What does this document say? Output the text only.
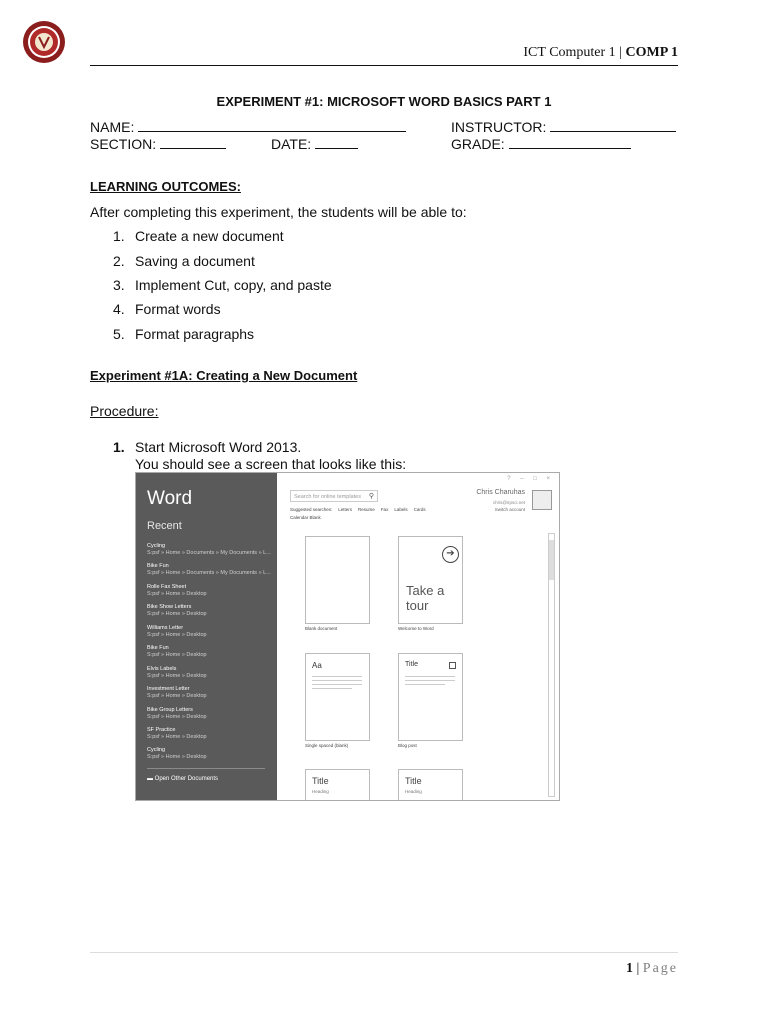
ICT Computer 1 | COMP 1
EXPERIMENT #1: MICROSOFT WORD BASICS PART 1
NAME:	INSTRUCTOR:
SECTION:	DATE:	GRADE:
LEARNING OUTCOMES:
After completing this experiment, the students will be able to:
1. Create a new document
2. Saving a document
3. Implement Cut, copy, and paste
4. Format words
5. Format paragraphs
Experiment #1A: Creating a New Document
Procedure:
1. Start Microsoft Word 2013.
You should see a screen that looks like this:
Word
Recent
Cycling
S:psf » Home » Documents » My Documents » L...
Bike Fun
S:psf » Home » Documents » My Documents » L...
Rolle Fax Sheet
S:psf » Home » Desktop
Bike Show Letters
S:psf » Home » Desktop
Williams Letter
S:psf » Home » Desktop
Bike Fun
S:psf » Home » Desktop
Elvis Labels
S:psf » Home » Desktop
Investment Letter
S:psf » Home » Desktop
Bike Group Letters
S:psf » Home » Desktop
SF Practice
S:psf » Home » Desktop
Cycling
S:psf » Home » Desktop
▬ Open Other Documents
? – □ ×
Search for online templates ⚲
Suggested searches: Letters Resume Fax Labels Cards
Calendar Blank
Chris Charuhas
chris@irpsci.net
Switch account
Blank document
➔
Take a tour
Welcome to Word
Aa
Single spaced (blank)
Title
Blog post
Title
Heading
Title
Heading
1 | Page
